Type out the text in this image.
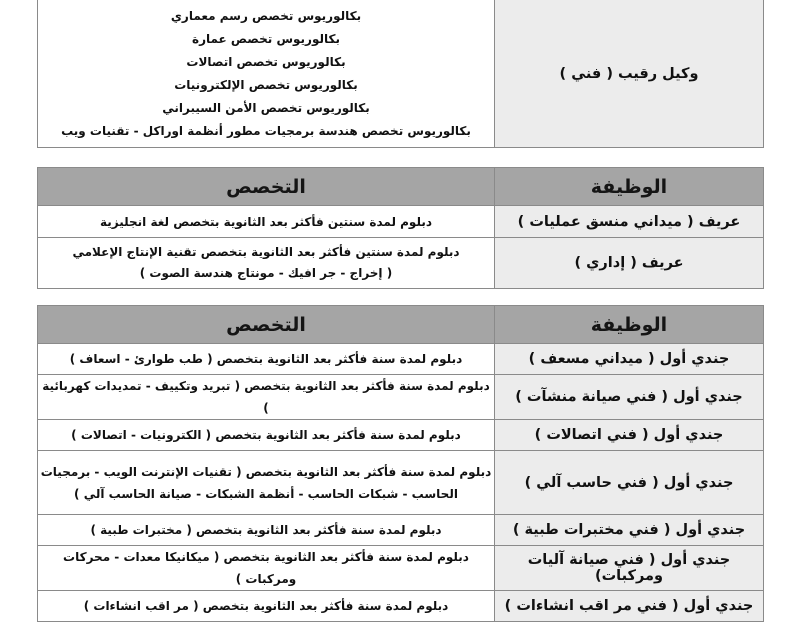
بكالوريوس تخصص رسم معماري
بكالوريوس تخصص عمارة
بكالوريوس تخصص اتصالات
بكالوريوس تخصص الإلكترونيات
بكالوريوس تخصص الأمن السيبراني
بكالوريوس تخصص هندسة برمجيات مطور أنظمة اوراكل - تقنيات ويب
	وكيل رقيب ( فني )
التخصص	الوظيفة

دبلوم لمدة سنتين فأكثر بعد الثانوية بتخصص لغة انجليزية	عريف ( ميداني منسق عمليات )

دبلوم لمدة سنتين فأكثر بعد الثانوية بتخصص تقنية الإنتاج الإعلامي
( إخراج - جر افيك - مونتاج هندسة الصوت )	عريف ( إداري )
التخصص	الوظيفة

دبلوم لمدة سنة فأكثر بعد الثانوية بتخصص ( طب طوارئ - اسعاف )	جندي أول ( ميداني مسعف )

دبلوم لمدة سنة فأكثر بعد الثانوية بتخصص ( تبريد وتكييف - تمديدات كهربائية )	جندي أول ( فني صيانة منشآت )

دبلوم لمدة سنة فأكثر بعد الثانوية بتخصص ( الكترونيات - اتصالات )	جندي أول ( فني اتصالات )

دبلوم لمدة سنة فأكثر بعد الثانوية بتخصص ( تقنيات الإنترنت الويب - برمجيات
الحاسب - شبكات الحاسب - أنظمة الشبكات - صيانة الحاسب آلي )	جندي أول ( فني حاسب آلي )

دبلوم لمدة سنة فأكثر بعد الثانوية بتخصص ( مختبرات طبية )	جندي أول ( فني مختبرات طبية )

دبلوم لمدة سنة فأكثر بعد الثانوية بتخصص ( ميكانيكا معدات - محركات ومركبات )	جندي أول ( فني صيانة آليات ومركبات)

دبلوم لمدة سنة فأكثر بعد الثانوية بتخصص ( مر اقب انشاءات )	جندي أول ( فني مر اقب انشاءات )
